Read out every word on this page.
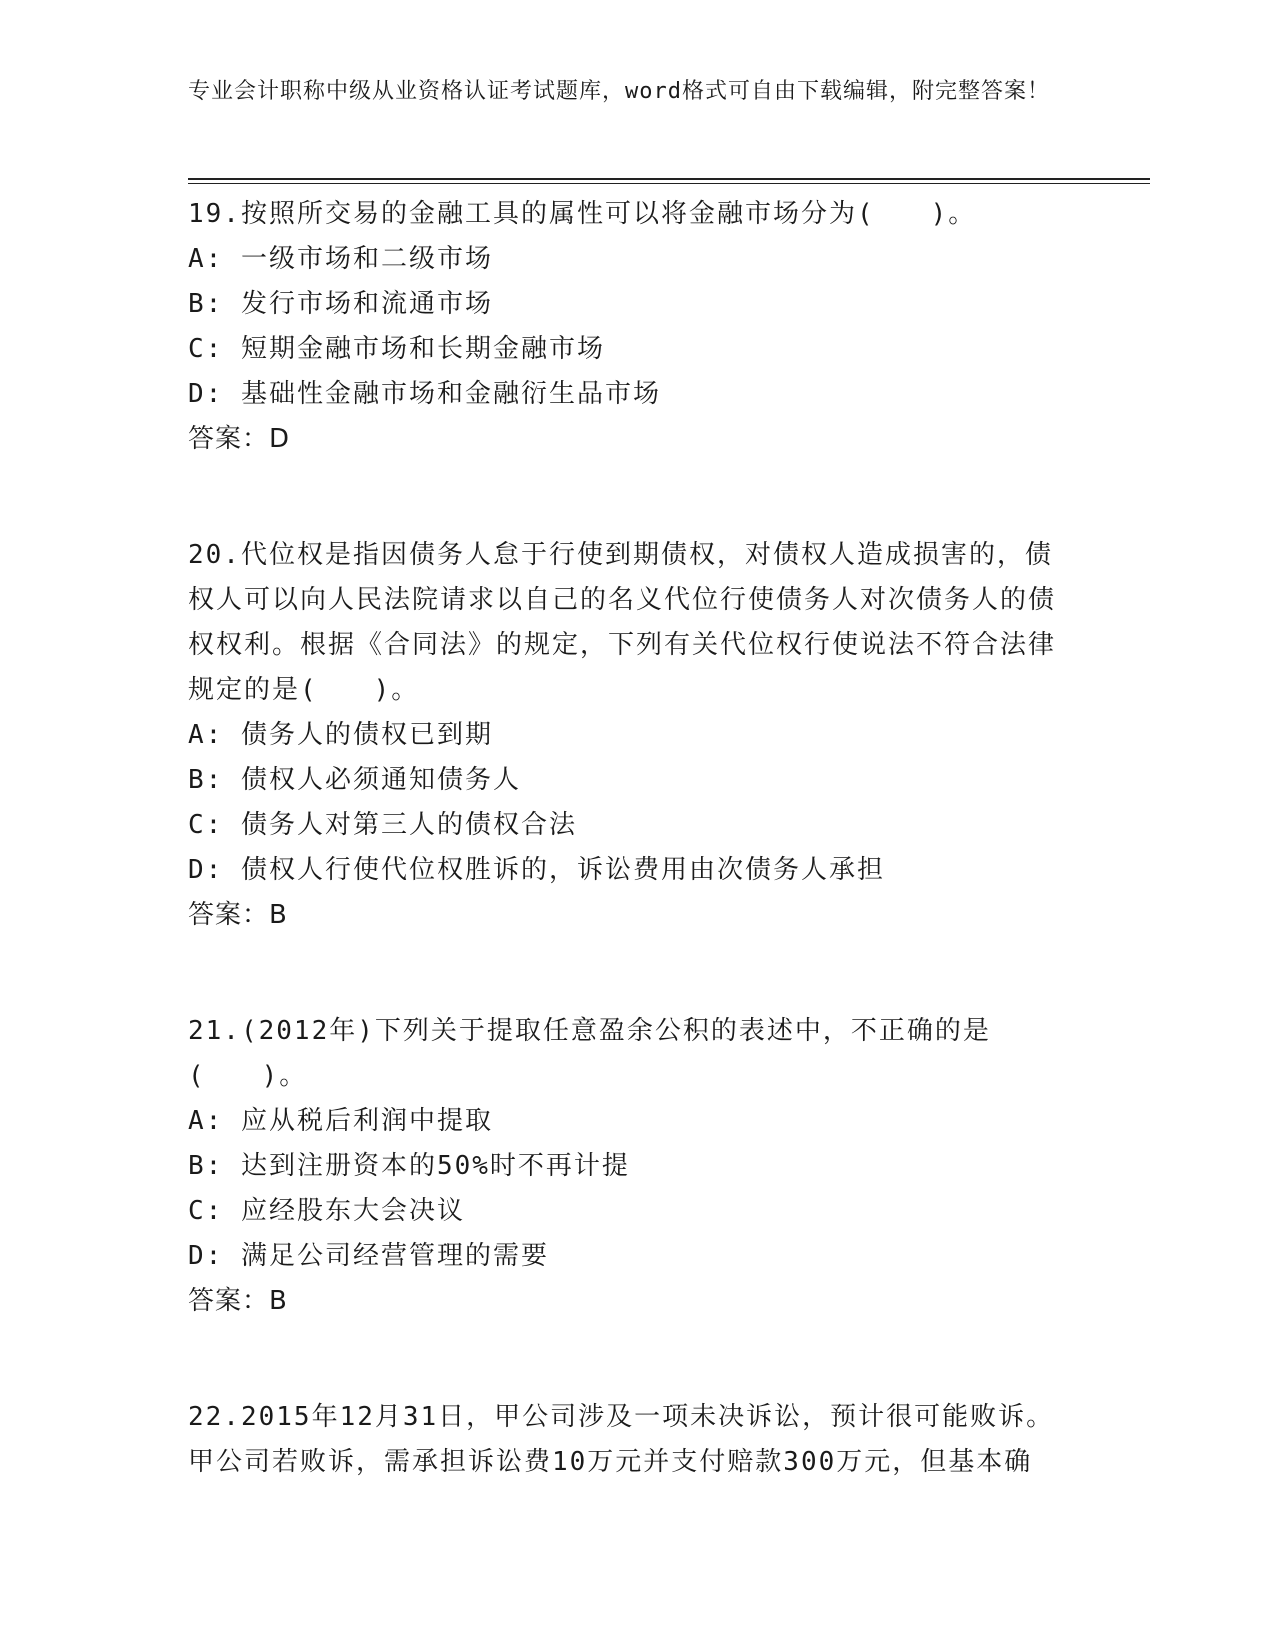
专业会计职称中级从业资格认证考试题库，word格式可自由下载编辑，附完整答案！

19.按照所交易的金融工具的属性可以将金融市场分为(　　)。

A: 一级市场和二级市场

B: 发行市场和流通市场

C: 短期金融市场和长期金融市场

D: 基础性金融市场和金融衍生品市场

答案：D

20.代位权是指因债务人怠于行使到期债权，对债权人造成损害的，债权人可以向人民法院请求以自己的名义代位行使债务人对次债务人的债权权利。根据《合同法》的规定，下列有关代位权行使说法不符合法律规定的是(　　)。

A: 债务人的债权已到期

B: 债权人必须通知债务人

C: 债务人对第三人的债权合法

D: 债权人行使代位权胜诉的，诉讼费用由次债务人承担

答案：B

21.(2012年)下列关于提取任意盈余公积的表述中，不正确的是(　　)。

A: 应从税后利润中提取

B: 达到注册资本的50%时不再计提

C: 应经股东大会决议

D: 满足公司经营管理的需要

答案：B

22.2015年12月31日，甲公司涉及一项未决诉讼，预计很可能败诉。甲公司若败诉，需承担诉讼费10万元并支付赔款300万元，但基本确
